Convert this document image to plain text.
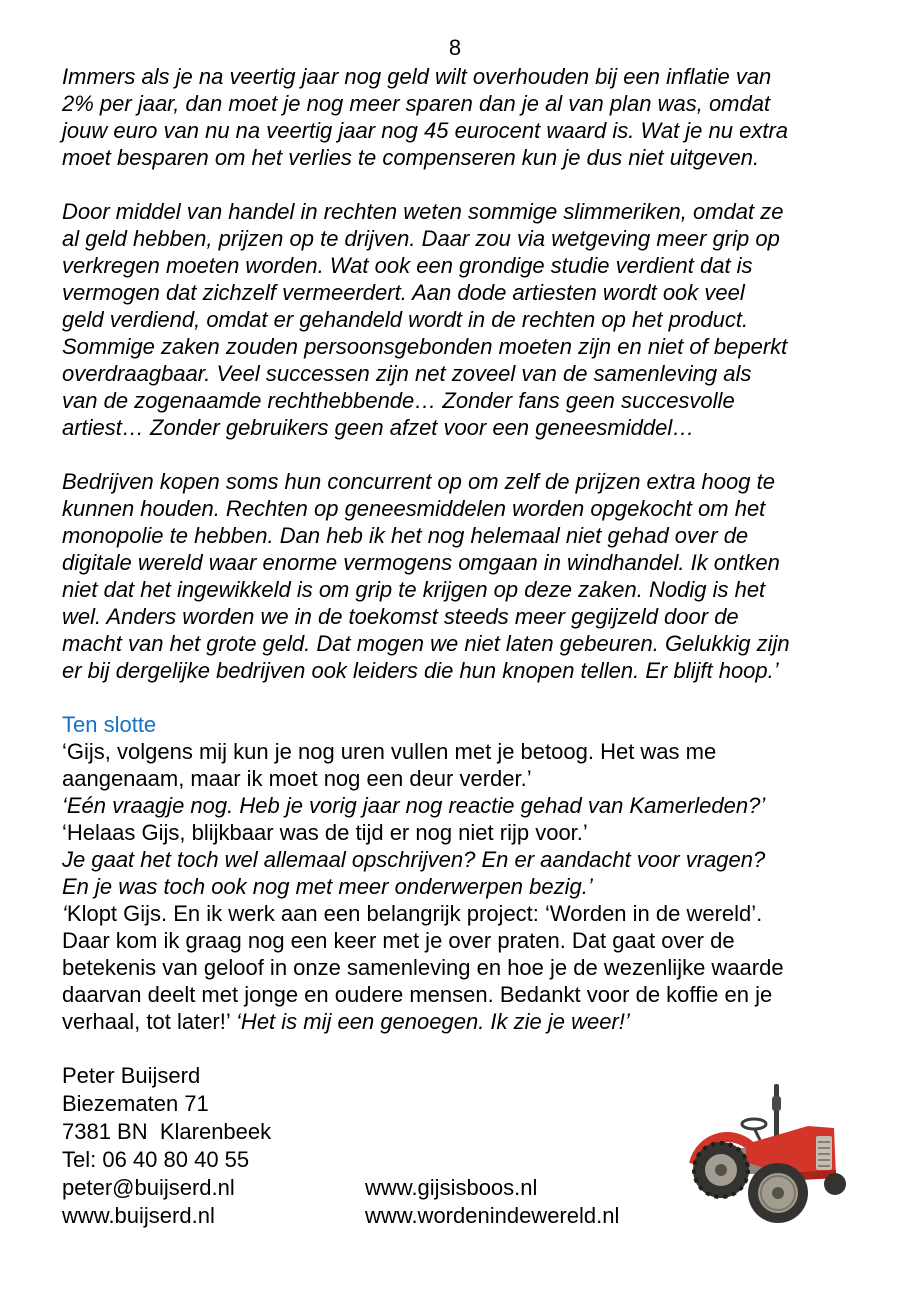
8
Immers als je na veertig jaar nog geld wilt overhouden bij een inflatie van
2% per jaar, dan moet je nog meer sparen dan je al van plan was, omdat
jouw euro van nu na veertig jaar nog 45 eurocent waard is. Wat je nu extra
moet besparen om het verlies te compenseren kun je dus niet uitgeven.
Door middel van handel in rechten weten sommige slimmeriken, omdat ze
al geld hebben, prijzen op te drijven. Daar zou via wetgeving meer grip op
verkregen moeten worden. Wat ook een grondige studie verdient dat is
vermogen dat zichzelf vermeerdert. Aan dode artiesten wordt ook veel
geld verdiend, omdat er gehandeld wordt in de rechten op het product.
Sommige zaken zouden persoonsgebonden moeten zijn en niet of beperkt
overdraagbaar. Veel successen zijn net zoveel van de samenleving als
van de zogenaamde rechthebbende… Zonder fans geen succesvolle
artiest… Zonder gebruikers geen afzet voor een geneesmiddel…
Bedrijven kopen soms hun concurrent op om zelf de prijzen extra hoog te
kunnen houden. Rechten op geneesmiddelen worden opgekocht om het
monopolie te hebben. Dan heb ik het nog helemaal niet gehad over de
digitale wereld waar enorme vermogens omgaan in windhandel. Ik ontken
niet dat het ingewikkeld is om grip te krijgen op deze zaken. Nodig is het
wel. Anders worden we in de toekomst steeds meer gegijzeld door de
macht van het grote geld. Dat mogen we niet laten gebeuren. Gelukkig zijn
er bij dergelijke bedrijven ook leiders die hun knopen tellen. Er blijft hoop.’
Ten slotte
‘Gijs, volgens mij kun je nog uren vullen met je betoog. Het was me
aangenaam, maar ik moet nog een deur verder.’
‘Eén vraagje nog. Heb je vorig jaar nog reactie gehad van Kamerleden?’
‘Helaas Gijs, blijkbaar was de tijd er nog niet rijp voor.’
Je gaat het toch wel allemaal opschrijven? En er aandacht voor vragen?
En je was toch ook nog met meer onderwerpen bezig.’
‘Klopt Gijs. En ik werk aan een belangrijk project: ‘Worden in de wereld’.
Daar kom ik graag nog een keer met je over praten. Dat gaat over de
betekenis van geloof in onze samenleving en hoe je de wezenlijke waarde
daarvan deelt met jonge en oudere mensen. Bedankt voor de koffie en je
verhaal, tot later!’ ‘Het is mij een genoegen. Ik zie je weer!’
Peter Buijserd
Biezematen 71
7381 BN  Klarenbeek
Tel: 06 40 80 40 55
peter@buijserd.nl
www.buijserd.nl
www.gijsisboos.nl
www.wordenindewereld.nl
